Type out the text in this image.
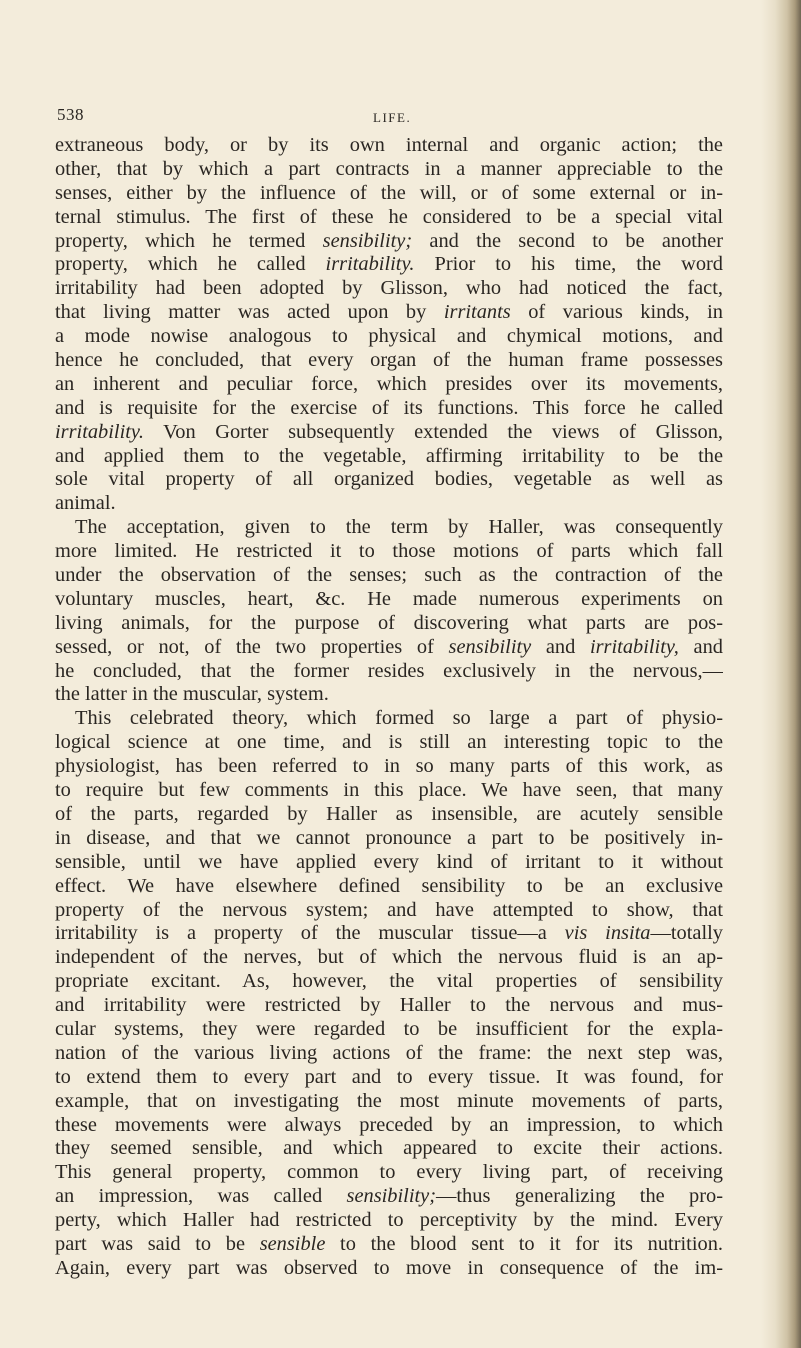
538	LIFE.
extraneous body, or by its own internal and organic action; the
other, that by which a part contracts in a manner appreciable to the
senses, either by the influence of the will, or of some external or in-
ternal stimulus. The first of these he considered to be a special vital
property, which he termed sensibility; and the second to be another
property, which he called irritability. Prior to his time, the word
irritability had been adopted by Glisson, who had noticed the fact,
that living matter was acted upon by irritants of various kinds, in
a mode nowise analogous to physical and chymical motions, and
hence he concluded, that every organ of the human frame possesses
an inherent and peculiar force, which presides over its movements,
and is requisite for the exercise of its functions. This force he called
irritability. Von Gorter subsequently extended the views of Glisson,
and applied them to the vegetable, affirming irritability to be the
sole vital property of all organized bodies, vegetable as well as
animal.
The acceptation, given to the term by Haller, was consequently
more limited. He restricted it to those motions of parts which fall
under the observation of the senses; such as the contraction of the
voluntary muscles, heart, &c. He made numerous experiments on
living animals, for the purpose of discovering what parts are pos-
sessed, or not, of the two properties of sensibility and irritability, and
he concluded, that the former resides exclusively in the nervous,—
the latter in the muscular, system.
This celebrated theory, which formed so large a part of physio-
logical science at one time, and is still an interesting topic to the
physiologist, has been referred to in so many parts of this work, as
to require but few comments in this place. We have seen, that many
of the parts, regarded by Haller as insensible, are acutely sensible
in disease, and that we cannot pronounce a part to be positively in-
sensible, until we have applied every kind of irritant to it without
effect. We have elsewhere defined sensibility to be an exclusive
property of the nervous system; and have attempted to show, that
irritability is a property of the muscular tissue—a vis insita—totally
independent of the nerves, but of which the nervous fluid is an ap-
propriate excitant. As, however, the vital properties of sensibility
and irritability were restricted by Haller to the nervous and mus-
cular systems, they were regarded to be insufficient for the expla-
nation of the various living actions of the frame: the next step was,
to extend them to every part and to every tissue. It was found, for
example, that on investigating the most minute movements of parts,
these movements were always preceded by an impression, to which
they seemed sensible, and which appeared to excite their actions.
This general property, common to every living part, of receiving
an impression, was called sensibility;—thus generalizing the pro-
perty, which Haller had restricted to perceptivity by the mind. Every
part was said to be sensible to the blood sent to it for its nutrition.
Again, every part was observed to move in consequence of the im-
